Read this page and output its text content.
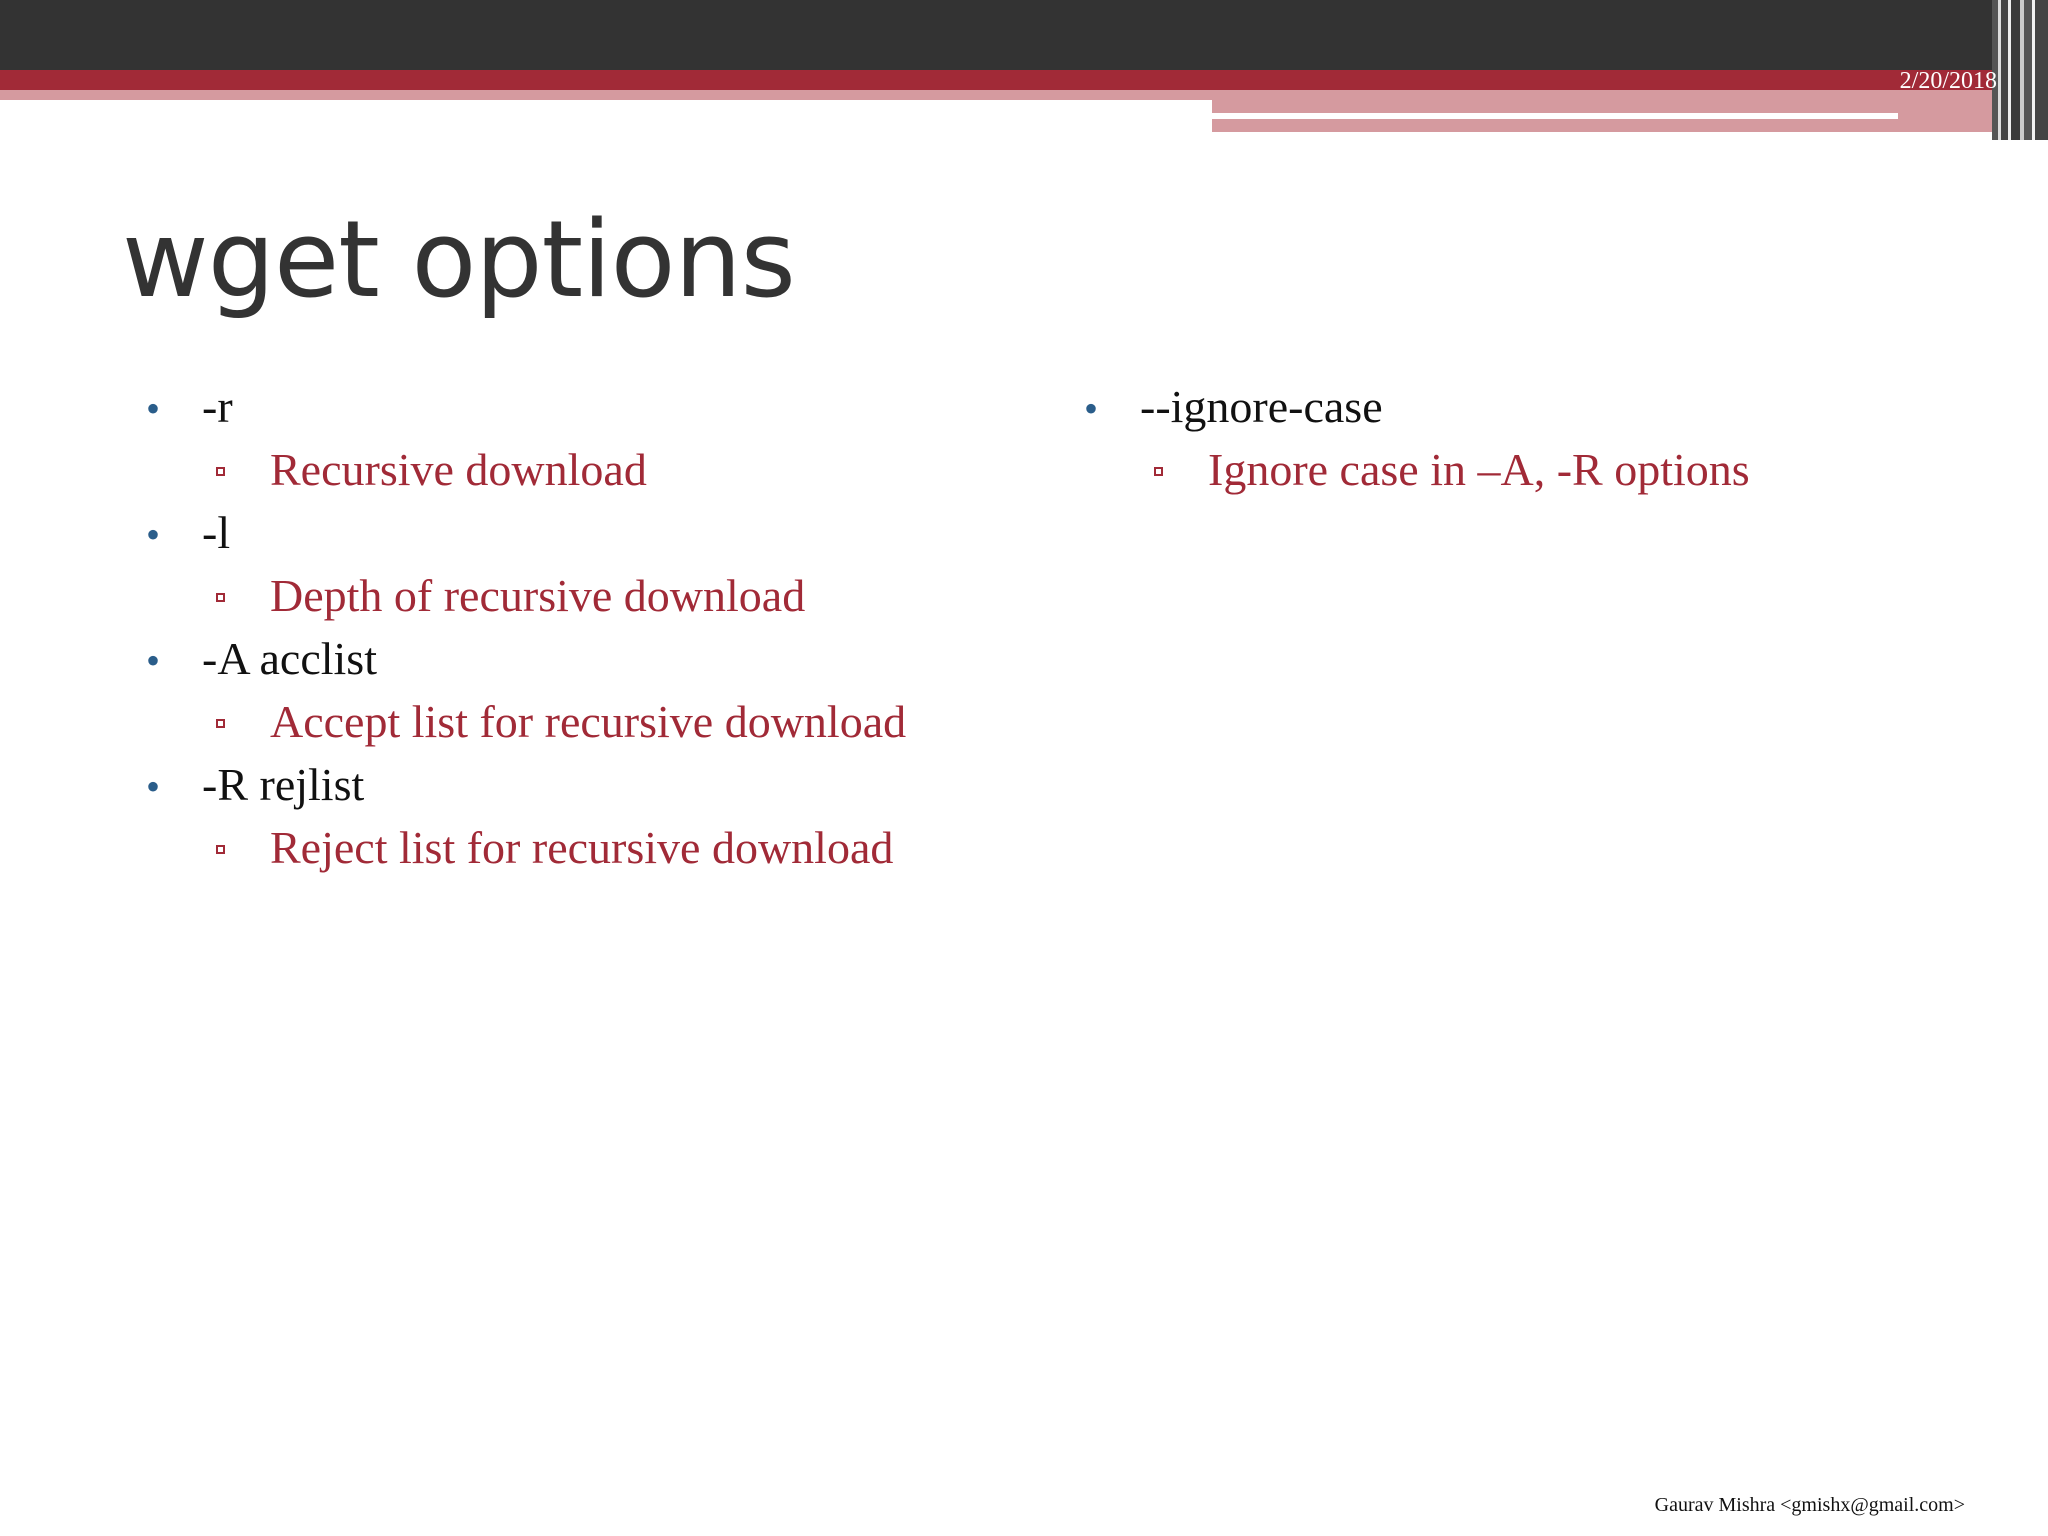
2/20/2018
wget options
• -r
Recursive download
• -l
Depth of recursive download
• -A acclist
Accept list for recursive download
• -R rejlist
Reject list for recursive download
• --ignore-case
Ignore case in –A, -R options
Gaurav Mishra <gmishx@gmail.com>
